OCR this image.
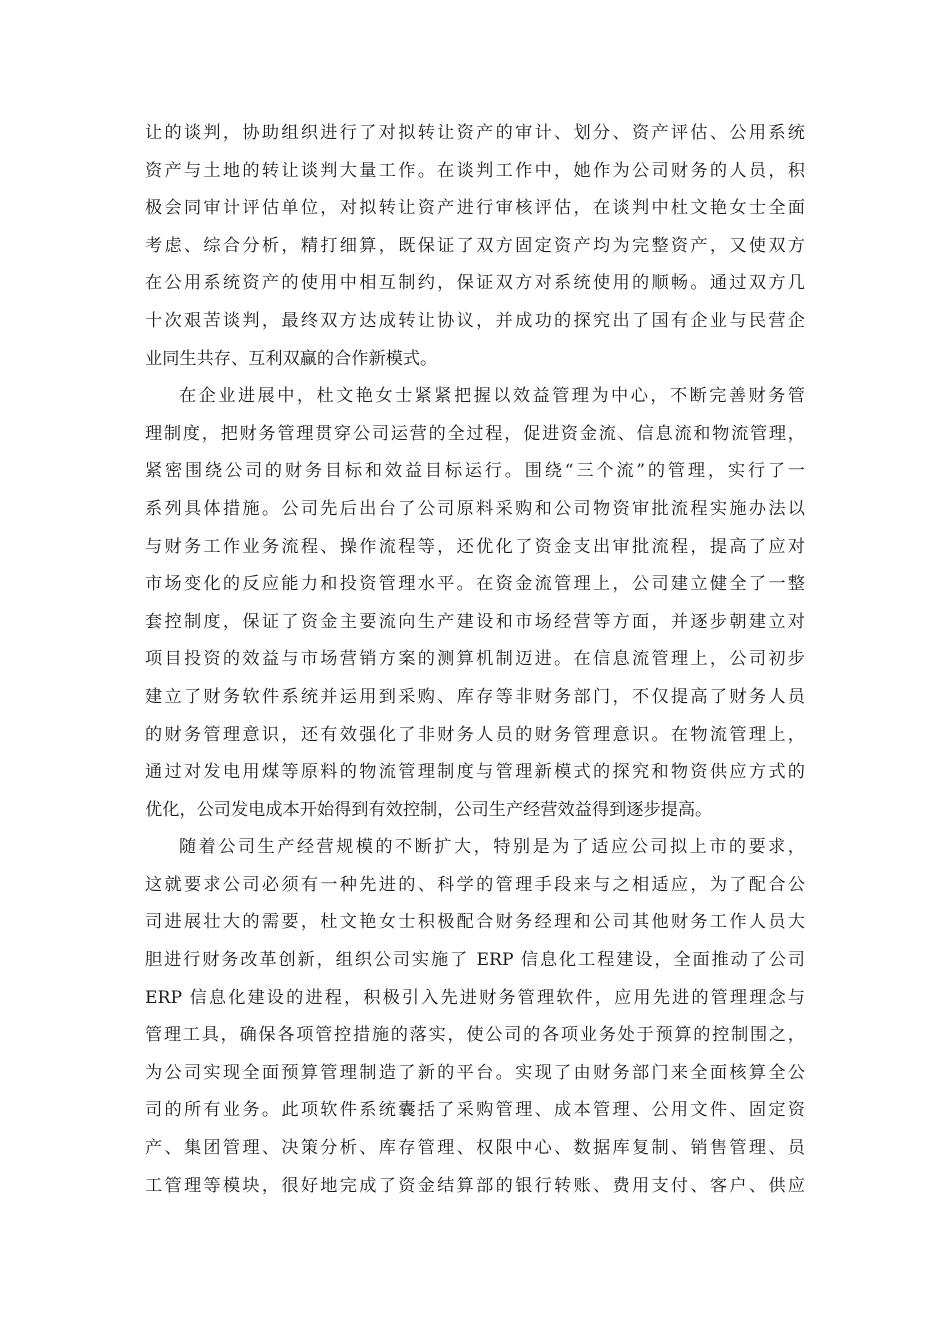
让的谈判，协助组织进行了对拟转让资产的审计、划分、资产评估、公用系统
资产与土地的转让谈判大量工作。在谈判工作中，她作为公司财务的人员，积
极会同审计评估单位，对拟转让资产进行审核评估，在谈判中杜文艳女士全面
考虑、综合分析，精打细算，既保证了双方固定资产均为完整资产，又使双方
在公用系统资产的使用中相互制约，保证双方对系统使用的顺畅。通过双方几
十次艰苦谈判，最终双方达成转让协议，并成功的探究出了国有企业与民营企
业同生共存、互利双赢的合作新模式。
在企业进展中，杜文艳女士紧紧把握以效益管理为中心，不断完善财务管
理制度，把财务管理贯穿公司运营的全过程，促进资金流、信息流和物流管理，
紧密围绕公司的财务目标和效益目标运行。围绕“三个流”的管理，实行了一
系列具体措施。公司先后出台了公司原料采购和公司物资审批流程实施办法以
与财务工作业务流程、操作流程等，还优化了资金支出审批流程，提高了应对
市场变化的反应能力和投资管理水平。在资金流管理上，公司建立健全了一整
套控制度，保证了资金主要流向生产建设和市场经营等方面，并逐步朝建立对
项目投资的效益与市场营销方案的测算机制迈进。在信息流管理上，公司初步
建立了财务软件系统并运用到采购、库存等非财务部门，不仅提高了财务人员
的财务管理意识，还有效强化了非财务人员的财务管理意识。在物流管理上，
通过对发电用煤等原料的物流管理制度与管理新模式的探究和物资供应方式的
优化，公司发电成本开始得到有效控制，公司生产经营效益得到逐步提高。
随着公司生产经营规模的不断扩大，特别是为了适应公司拟上市的要求，
这就要求公司必须有一种先进的、科学的管理手段来与之相适应，为了配合公
司进展壮大的需要，杜文艳女士积极配合财务经理和公司其他财务工作人员大
胆进行财务改革创新，组织公司实施了 ERP 信息化工程建设，全面推动了公司
ERP 信息化建设的进程，积极引入先进财务管理软件，应用先进的管理理念与
管理工具，确保各项管控措施的落实，使公司的各项业务处于预算的控制围之，
为公司实现全面预算管理制造了新的平台。实现了由财务部门来全面核算全公
司的所有业务。此项软件系统囊括了采购管理、成本管理、公用文件、固定资
产、集团管理、决策分析、库存管理、权限中心、数据库复制、销售管理、员
工管理等模块，很好地完成了资金结算部的银行转账、费用支付、客户、供应
